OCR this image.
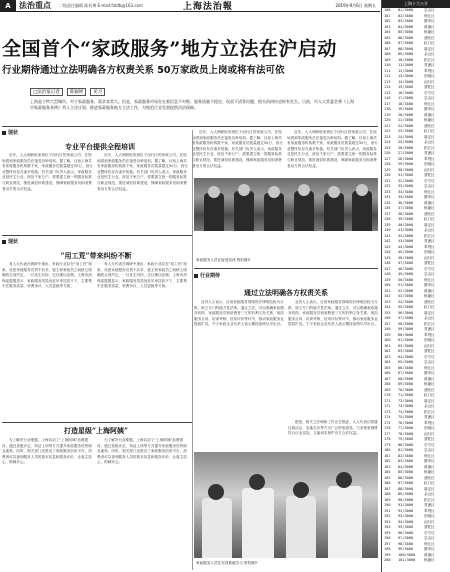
A	法治重点 二级责任编辑 陈若璘 E-mail:fzbfb@163.com	上海法治報	2019年9月6日 星期五
全国首个“家政服务”地方立法在沪启动
行业期待通过立法明确各方权责关系 50万家政员上岗或将有法可依
□法治报记者	陈颖婷	见习
上海是个特大型城市，对于家政服务，需求非常大。但是，家政服务市场存在着信息不对称、服务质量不稳定、权责不清等问题，相关的纠纷也时有发生。日前，市人大常委会将《上海市家政服务条例》列入立法计划，推进家政服务地方立法工作，为规范行业发展提供法治保障。
现状
专业平台提供全程培训

近年，人大调研组来到位于闵行区的家政公司，在现场看到家政服务员在接受各种培训。据了解，目前上海共有家政服务机构数千家，家政服务员数量超过50万，但行业整体仍存在诸多短板。有关部门负责人表示，家政服务业是民生行业，涉及千家万户，需要建立统一的服务标准与职业规范，推进诚信体系建设，保障家政服务员和消费者双方的合法权益。

近年，人大调研组来到位于闵行区的家政公司，在现场看到家政服务员在接受各种培训。据了解，目前上海共有家政服务机构数千家，家政服务员数量超过50万，但行业整体仍存在诸多短板。有关部门负责人表示，家政服务业是民生行业，涉及千家万户，需要建立统一的服务标准与职业规范，推进诚信体系建设，保障家政服务员和消费者双方的合法权益。

近年，人大调研组来到位于闵行区的家政公司，在现场看到家政服务员在接受各种培训。据了解，目前上海共有家政服务机构数千家，家政服务员数量超过50万，但行业整体仍存在诸多短板。有关部门负责人表示，家政服务业是民生行业，涉及千家万户，需要建立统一的服务标准与职业规范，推进诚信体系建设，保障家政服务员和消费者双方的合法权益。

近年，人大调研组来到位于闵行区的家政公司，在现场看到家政服务员在接受各种培训。据了解，目前上海共有家政服务机构数千家，家政服务员数量超过50万，但行业整体仍存在诸多短板。有关部门负责人表示，家政服务业是民生行业，涉及千家万户，需要建立统一的服务标准与职业规范，推进诚信体系建设，保障家政服务员和消费者双方的合法权益。

家政服务人员在接受培训 资料图片
现状
“用工荒”带来纠纷不断

有人大代表在调研中指出，家政行业存在“用工荒”现象，优质家政服务员供不应求，雇主和家政员之间缺乏明确的合同约定，一旦发生纠纷，往往难以处理。上海市消保委数据显示，家政服务类投诉近年来居高不下，主要集中在服务质量、收费争议、人员更换等方面。

有人大代表在调研中指出，家政行业存在“用工荒”现象，优质家政服务员供不应求，雇主和家政员之间缺乏明确的合同约定，一旦发生纠纷，往往难以处理。上海市消保委数据显示，家政服务类投诉近年来居高不下，主要集中在服务质量、收费争议、人员更换等方面。

打造星级“上海阿姨”

为了解决行业难题，上海启动了“上海阿姨”品牌建设，通过星级评定、持证上岗等方式提升家政服务员的职业素养。同时，相关部门还推出了家政服务信用平台，消费者可以查询服务人员的基本信息和服务评价，让雇主放心、阿姨安心。

为了解决行业难题，上海启动了“上海阿姨”品牌建设，通过星级评定、持证上岗等方式提升家政服务员的职业素养。同时，相关部门还推出了家政服务信用平台，消费者可以查询服务人员的基本信息和服务评价，让雇主放心、阿姨安心。

行业期待
通过立法明确各方权责关系

业内人士表示，目前家政服务领域的法律规范较为分散，缺乏专门的地方性法规。通过立法，可以明确家政服务机构、家政服务员和消费者三方的权利义务关系，规范服务合同、培训考核、信用评价等环节，推动家政服务业提质扩容。不少家政企业负责人表示期待条例尽早出台。

业内人士表示，目前家政服务领域的法律规范较为分散，缺乏专门的地方性法规。通过立法，可以明确家政服务机构、家政服务员和消费者三方的权利义务关系，规范服务合同、培训考核、信用评价等环节，推动家政服务业提质扩容。不少家政企业负责人表示期待条例尽早出台。

据悉，相关立法调研工作正在推进，人大代表们将通过座谈会、实地走访等方式广泛听取意见，力求使条例既符合行业实际，又能切实保护各方合法权益。

家政服务人员在实训基地学习 资料图片
上海十大公开
100	01/3000	宝山区
101	02/3000	徐汇区
102	03/3000	静安区
103	04/3000	黄浦区
104	05/3000	杨浦区
105	06/3000	浦东区
106	07/3000	虹口区
107	08/3000	嘉定区
108	09/3000	金山区
109	10/3000	松江区
110	11/3000	青浦区
111	12/3000	奉贤区
112	13/3000	崇明区
113	14/3000	闵行区
114	15/3000	普陀区
115	16/3000	长宁区
116	17/3000	宝山区
117	18/3000	徐汇区
118	19/3000	静安区
119	20/3000	黄浦区
120	21/3000	杨浦区
121	22/3000	浦东区
122	23/3000	虹口区
123	24/3000	嘉定区
124	25/3000	金山区
125	26/3000	松江区
126	27/3000	青浦区
127	28/3000	奉贤区
128	29/3000	崇明区
129	30/3000	闵行区
130	31/3000	普陀区
131	32/3000	长宁区
132	33/3000	宝山区
133	34/3000	徐汇区
134	35/3000	静安区
135	36/3000	黄浦区
136	37/3000	杨浦区
137	38/3000	浦东区
138	39/3000	虹口区
139	40/3000	嘉定区
140	41/3000	金山区
141	42/3000	松江区
142	43/3000	青浦区
143	44/3000	奉贤区
144	45/3000	崇明区
145	46/3000	闵行区
146	47/3000	普陀区
147	48/3000	长宁区
148	49/3000	宝山区
149	50/3000	徐汇区
150	51/3000	静安区
151	52/3000	黄浦区
152	53/3000	杨浦区
153	54/3000	浦东区
154	55/3000	虹口区
155	56/3000	嘉定区
156	57/3000	金山区
157	58/3000	松江区
158	59/3000	青浦区
159	60/3000	奉贤区
160	61/3000	崇明区
161	62/3000	闵行区
162	63/3000	普陀区
163	64/3000	长宁区
164	65/3000	宝山区
165	66/3000	徐汇区
166	67/3000	静安区
167	68/3000	黄浦区
168	69/3000	杨浦区
169	70/3000	浦东区
170	71/3000	虹口区
171	72/3000	嘉定区
172	73/3000	金山区
173	74/3000	松江区
174	75/3000	青浦区
175	76/3000	奉贤区
176	77/3000	崇明区
177	78/3000	闵行区
178	79/3000	普陀区
179	80/3000	长宁区
180	81/3000	宝山区
181	82/3000	徐汇区
182	83/3000	静安区
183	84/3000	黄浦区
184	85/3000	杨浦区
185	86/3000	浦东区
186	87/3000	虹口区
187	88/3000	嘉定区
188	89/3000	金山区
189	90/3000	松江区
190	91/3000	青浦区
191	92/3000	奉贤区
192	93/3000	崇明区
193	94/3000	闵行区
194	95/3000	普陀区
195	96/3000	长宁区
196	97/3000	宝山区
197	98/3000	徐汇区
198	99/3000	静安区
199	100/3000	黄浦区
200	101/3000	杨浦区
